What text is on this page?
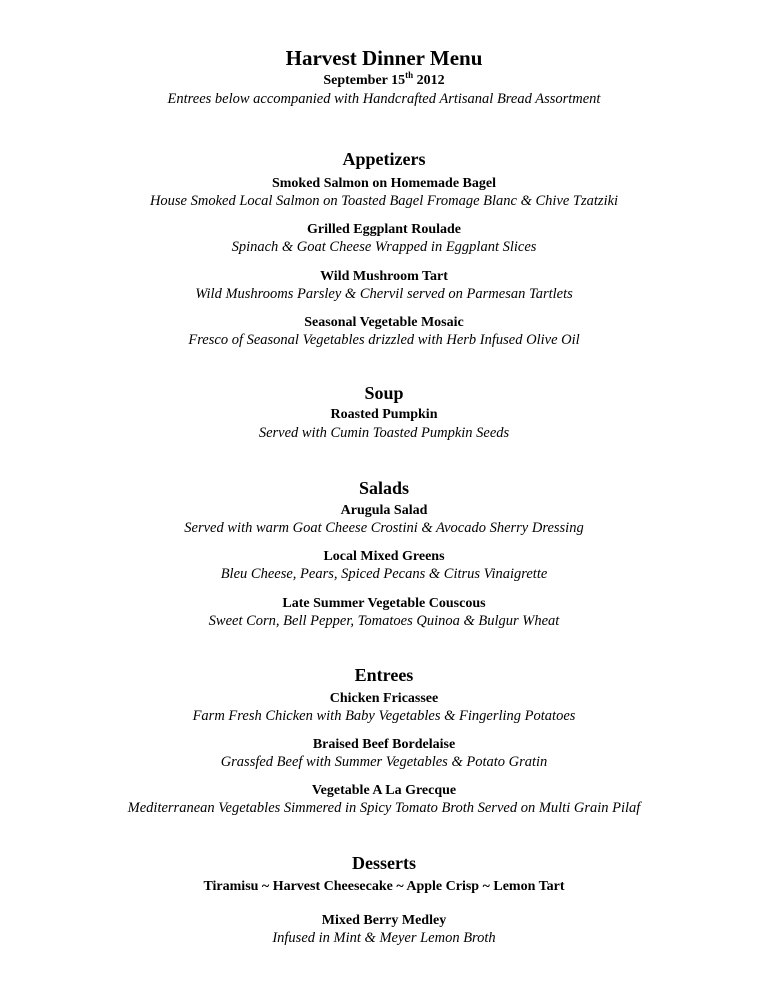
Harvest Dinner Menu
September 15th 2012
Entrees below accompanied with Handcrafted Artisanal Bread Assortment
Appetizers
Smoked Salmon on Homemade Bagel
House Smoked Local Salmon on Toasted Bagel Fromage Blanc & Chive Tzatziki
Grilled Eggplant Roulade
Spinach & Goat Cheese Wrapped in Eggplant Slices
Wild Mushroom Tart
Wild Mushrooms Parsley & Chervil served on Parmesan Tartlets
Seasonal Vegetable Mosaic
Fresco of Seasonal Vegetables drizzled with Herb Infused Olive Oil
Soup
Roasted Pumpkin
Served with Cumin Toasted Pumpkin Seeds
Salads
Arugula Salad
Served with warm Goat Cheese Crostini & Avocado Sherry Dressing
Local Mixed Greens
Bleu Cheese, Pears, Spiced Pecans & Citrus Vinaigrette
Late Summer Vegetable Couscous
Sweet Corn, Bell Pepper, Tomatoes Quinoa & Bulgur Wheat
Entrees
Chicken Fricassee
Farm Fresh Chicken with Baby Vegetables & Fingerling Potatoes
Braised Beef Bordelaise
Grassfed Beef with Summer Vegetables & Potato Gratin
Vegetable A La Grecque
Mediterranean Vegetables Simmered in Spicy Tomato Broth Served on Multi Grain Pilaf
Desserts
Tiramisu ~ Harvest Cheesecake ~ Apple Crisp ~ Lemon Tart
Mixed Berry Medley
Infused in Mint & Meyer Lemon Broth
